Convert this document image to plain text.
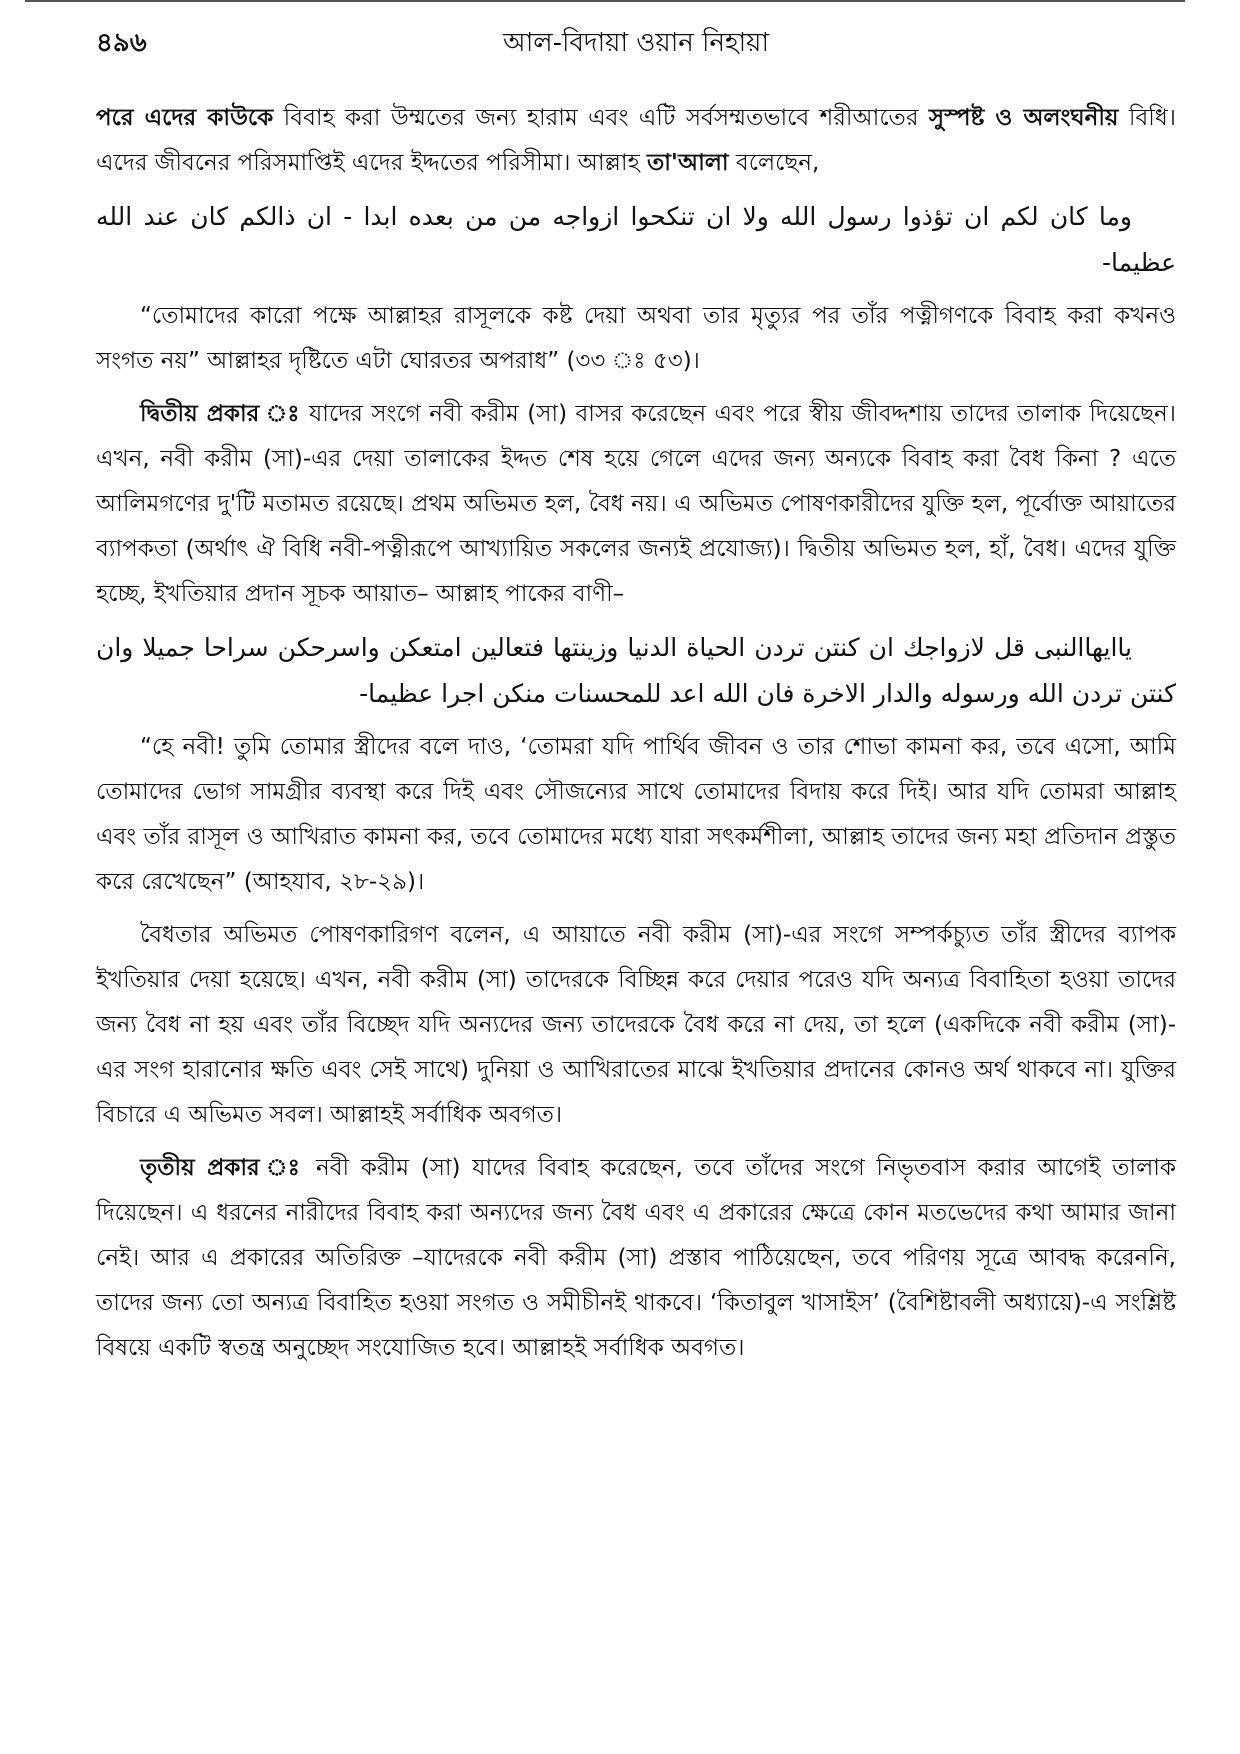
৪৯৬	আল-বিদায়া ওয়ান নিহায়া

পরে এদের কাউকে বিবাহ করা উম্মতের জন্য হারাম এবং এটি সর্বসম্মতভাবে শরীআতের সুস্পষ্ট ও অলংঘনীয় বিধি। এদের জীবনের পরিসমাপ্তিই এদের ইদ্দতের পরিসীমা। আল্লাহ তা'আলা বলেছেন,

وما كان لكم ان تؤذوا رسول الله ولا ان تنكحوا ازواجه من من بعده ابدا - ان ذالكم كان عند الله عظيما-

“তোমাদের কারো পক্ষে আল্লাহর রাসূলকে কষ্ট দেয়া অথবা তার মৃত্যুর পর তাঁর পত্নীগণকে বিবাহ করা কখনও সংগত নয়” আল্লাহর দৃষ্টিতে এটা ঘোরতর অপরাধ” (৩৩ ঃ ৫৩)।

দ্বিতীয় প্রকার ঃ যাদের সংগে নবী করীম (সা) বাসর করেছেন এবং পরে স্বীয় জীবদ্দশায় তাদের তালাক দিয়েছেন। এখন, নবী করীম (সা)-এর দেয়া তালাকের ইদ্দত শেষ হয়ে গেলে এদের জন্য অন্যকে বিবাহ করা বৈধ কিনা ? এতে আলিমগণের দু'টি মতামত রয়েছে। প্রথম অভিমত হল, বৈধ নয়। এ অভিমত পোষণকারীদের যুক্তি হল, পূর্বোক্ত আয়াতের ব্যাপকতা (অর্থাৎ ঐ বিধি নবী-পত্নীরূপে আখ্যায়িত সকলের জন্যই প্রযোজ্য)। দ্বিতীয় অভিমত হল, হাঁ, বৈধ। এদের যুক্তি হচ্ছে, ইখতিয়ার প্রদান সূচক আয়াত– আল্লাহ পাকের বাণী–

ياايهاالنبى قل لازواجك ان كنتن تردن الحياة الدنيا وزينتها فتعالين امتعكن واسرحكن سراحا جميلا وان كنتن تردن الله ورسوله والدار الاخرة فان الله اعد للمحسنات منكن اجرا عظيما-

“হে নবী! তুমি তোমার স্ত্রীদের বলে দাও, ‘তোমরা যদি পার্থিব জীবন ও তার শোভা কামনা কর, তবে এসো, আমি তোমাদের ভোগ সামগ্রীর ব্যবস্থা করে দিই এবং সৌজন্যের সাথে তোমাদের বিদায় করে দিই। আর যদি তোমরা আল্লাহ এবং তাঁর রাসূল ও আখিরাত কামনা কর, তবে তোমাদের মধ্যে যারা সৎকর্মশীলা, আল্লাহ তাদের জন্য মহা প্রতিদান প্রস্তুত করে রেখেছেন” (আহযাব, ২৮-২৯)।

বৈধতার অভিমত পোষণকারিগণ বলেন, এ আয়াতে নবী করীম (সা)-এর সংগে সম্পর্কচ্যুত তাঁর স্ত্রীদের ব্যাপক ইখতিয়ার দেয়া হয়েছে। এখন, নবী করীম (সা) তাদেরকে বিচ্ছিন্ন করে দেয়ার পরেও যদি অন্যত্র বিবাহিতা হওয়া তাদের জন্য বৈধ না হয় এবং তাঁর বিচ্ছেদ যদি অন্যদের জন্য তাদেরকে বৈধ করে না দেয়, তা হলে (একদিকে নবী করীম (সা)-এর সংগ হারানোর ক্ষতি এবং সেই সাথে) দুনিয়া ও আখিরাতের মাঝে ইখতিয়ার প্রদানের কোনও অর্থ থাকবে না। যুক্তির বিচারে এ অভিমত সবল। আল্লাহই সর্বাধিক অবগত।

তৃতীয় প্রকার ঃ নবী করীম (সা) যাদের বিবাহ করেছেন, তবে তাঁদের সংগে নিভৃতবাস করার আগেই তালাক দিয়েছেন। এ ধরনের নারীদের বিবাহ করা অন্যদের জন্য বৈধ এবং এ প্রকারের ক্ষেত্রে কোন মতভেদের কথা আমার জানা নেই। আর এ প্রকারের অতিরিক্ত –যাদেরকে নবী করীম (সা) প্রস্তাব পাঠিয়েছেন, তবে পরিণয় সূত্রে আবদ্ধ করেননি, তাদের জন্য তো অন্যত্র বিবাহিত হওয়া সংগত ও সমীচীনই থাকবে। ‘কিতাবুল খাসাইস’ (বৈশিষ্টাবলী অধ্যায়ে)-এ সংশ্লিষ্ট বিষয়ে একটি স্বতন্ত্র অনুচ্ছেদ সংযোজিত হবে। আল্লাহই সর্বাধিক অবগত।
